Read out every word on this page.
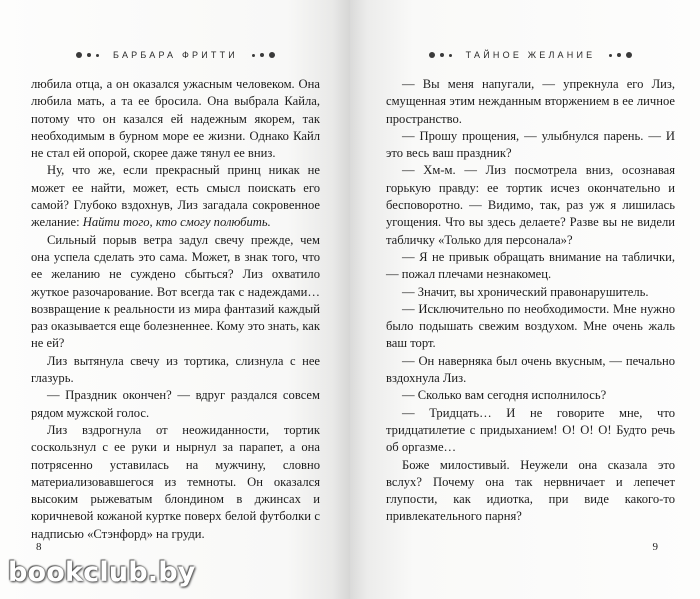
БАРБАРА ФРИТТИ

любила отца, а он оказался ужасным человеком. Она любила мать, а та ее бросила. Она выбрала Кайла, потому что он казался ей надежным якорем, так необходимым в бурном море ее жизни. Однако Кайл не стал ей опорой, скорее даже тянул ее вниз.

Ну, что же, если прекрасный принц никак не может ее найти, может, есть смысл поискать его самой? Глубоко вздохнув, Лиз загадала сокровенное желание: Найти того, кто смогу полюбить.

Сильный порыв ветра задул свечу прежде, чем она успела сделать это сама. Может, в знак того, что ее желанию не суждено сбыться? Лиз охватило жуткое разочарование. Вот всегда так с надеждами… возвращение к реальности из мира фантазий каждый раз оказывается еще болезненнее. Кому это знать, как не ей?

Лиз вытянула свечу из тортика, слизнула с нее глазурь.

— Праздник окончен? — вдруг раздался совсем рядом мужской голос.

Лиз вздрогнула от неожиданности, тортик соскользнул с ее руки и нырнул за парапет, а она потрясенно уставилась на мужчину, словно материализовавшегося из темноты. Он оказался высоким рыжеватым блондином в джинсах и коричневой кожаной куртке поверх белой футболки с надписью «Стэнфорд» на груди.

8
ТАЙНОЕ ЖЕЛАНИЕ

— Вы меня напугали, — упрекнула его Лиз, смущенная этим нежданным вторжением в ее личное пространство.

— Прошу прощения, — улыбнулся парень. — И это весь ваш праздник?

— Хм-м. — Лиз посмотрела вниз, осознавая горькую правду: ее тортик исчез окончательно и бесповоротно. — Видимо, так, раз уж я лишилась угощения. Что вы здесь делаете? Разве вы не видели табличку «Только для персонала»?

— Я не привык обращать внимание на таблички, — пожал плечами незнакомец.

— Значит, вы хронический правонарушитель.

— Исключительно по необходимости. Мне нужно было подышать свежим воздухом. Мне очень жаль ваш торт.

— Он наверняка был очень вкусным, — печально вздохнула Лиз.

— Сколько вам сегодня исполнилось?

— Тридцать… И не говорите мне, что тридцатилетие с придыханием! О! О! О! Будто речь об оргазме…

Боже милостивый. Неужели она сказала это вслух? Почему она так нервничает и лепечет глупости, как идиотка, при виде какого-то привлекательного парня?

9
bookclub.by
